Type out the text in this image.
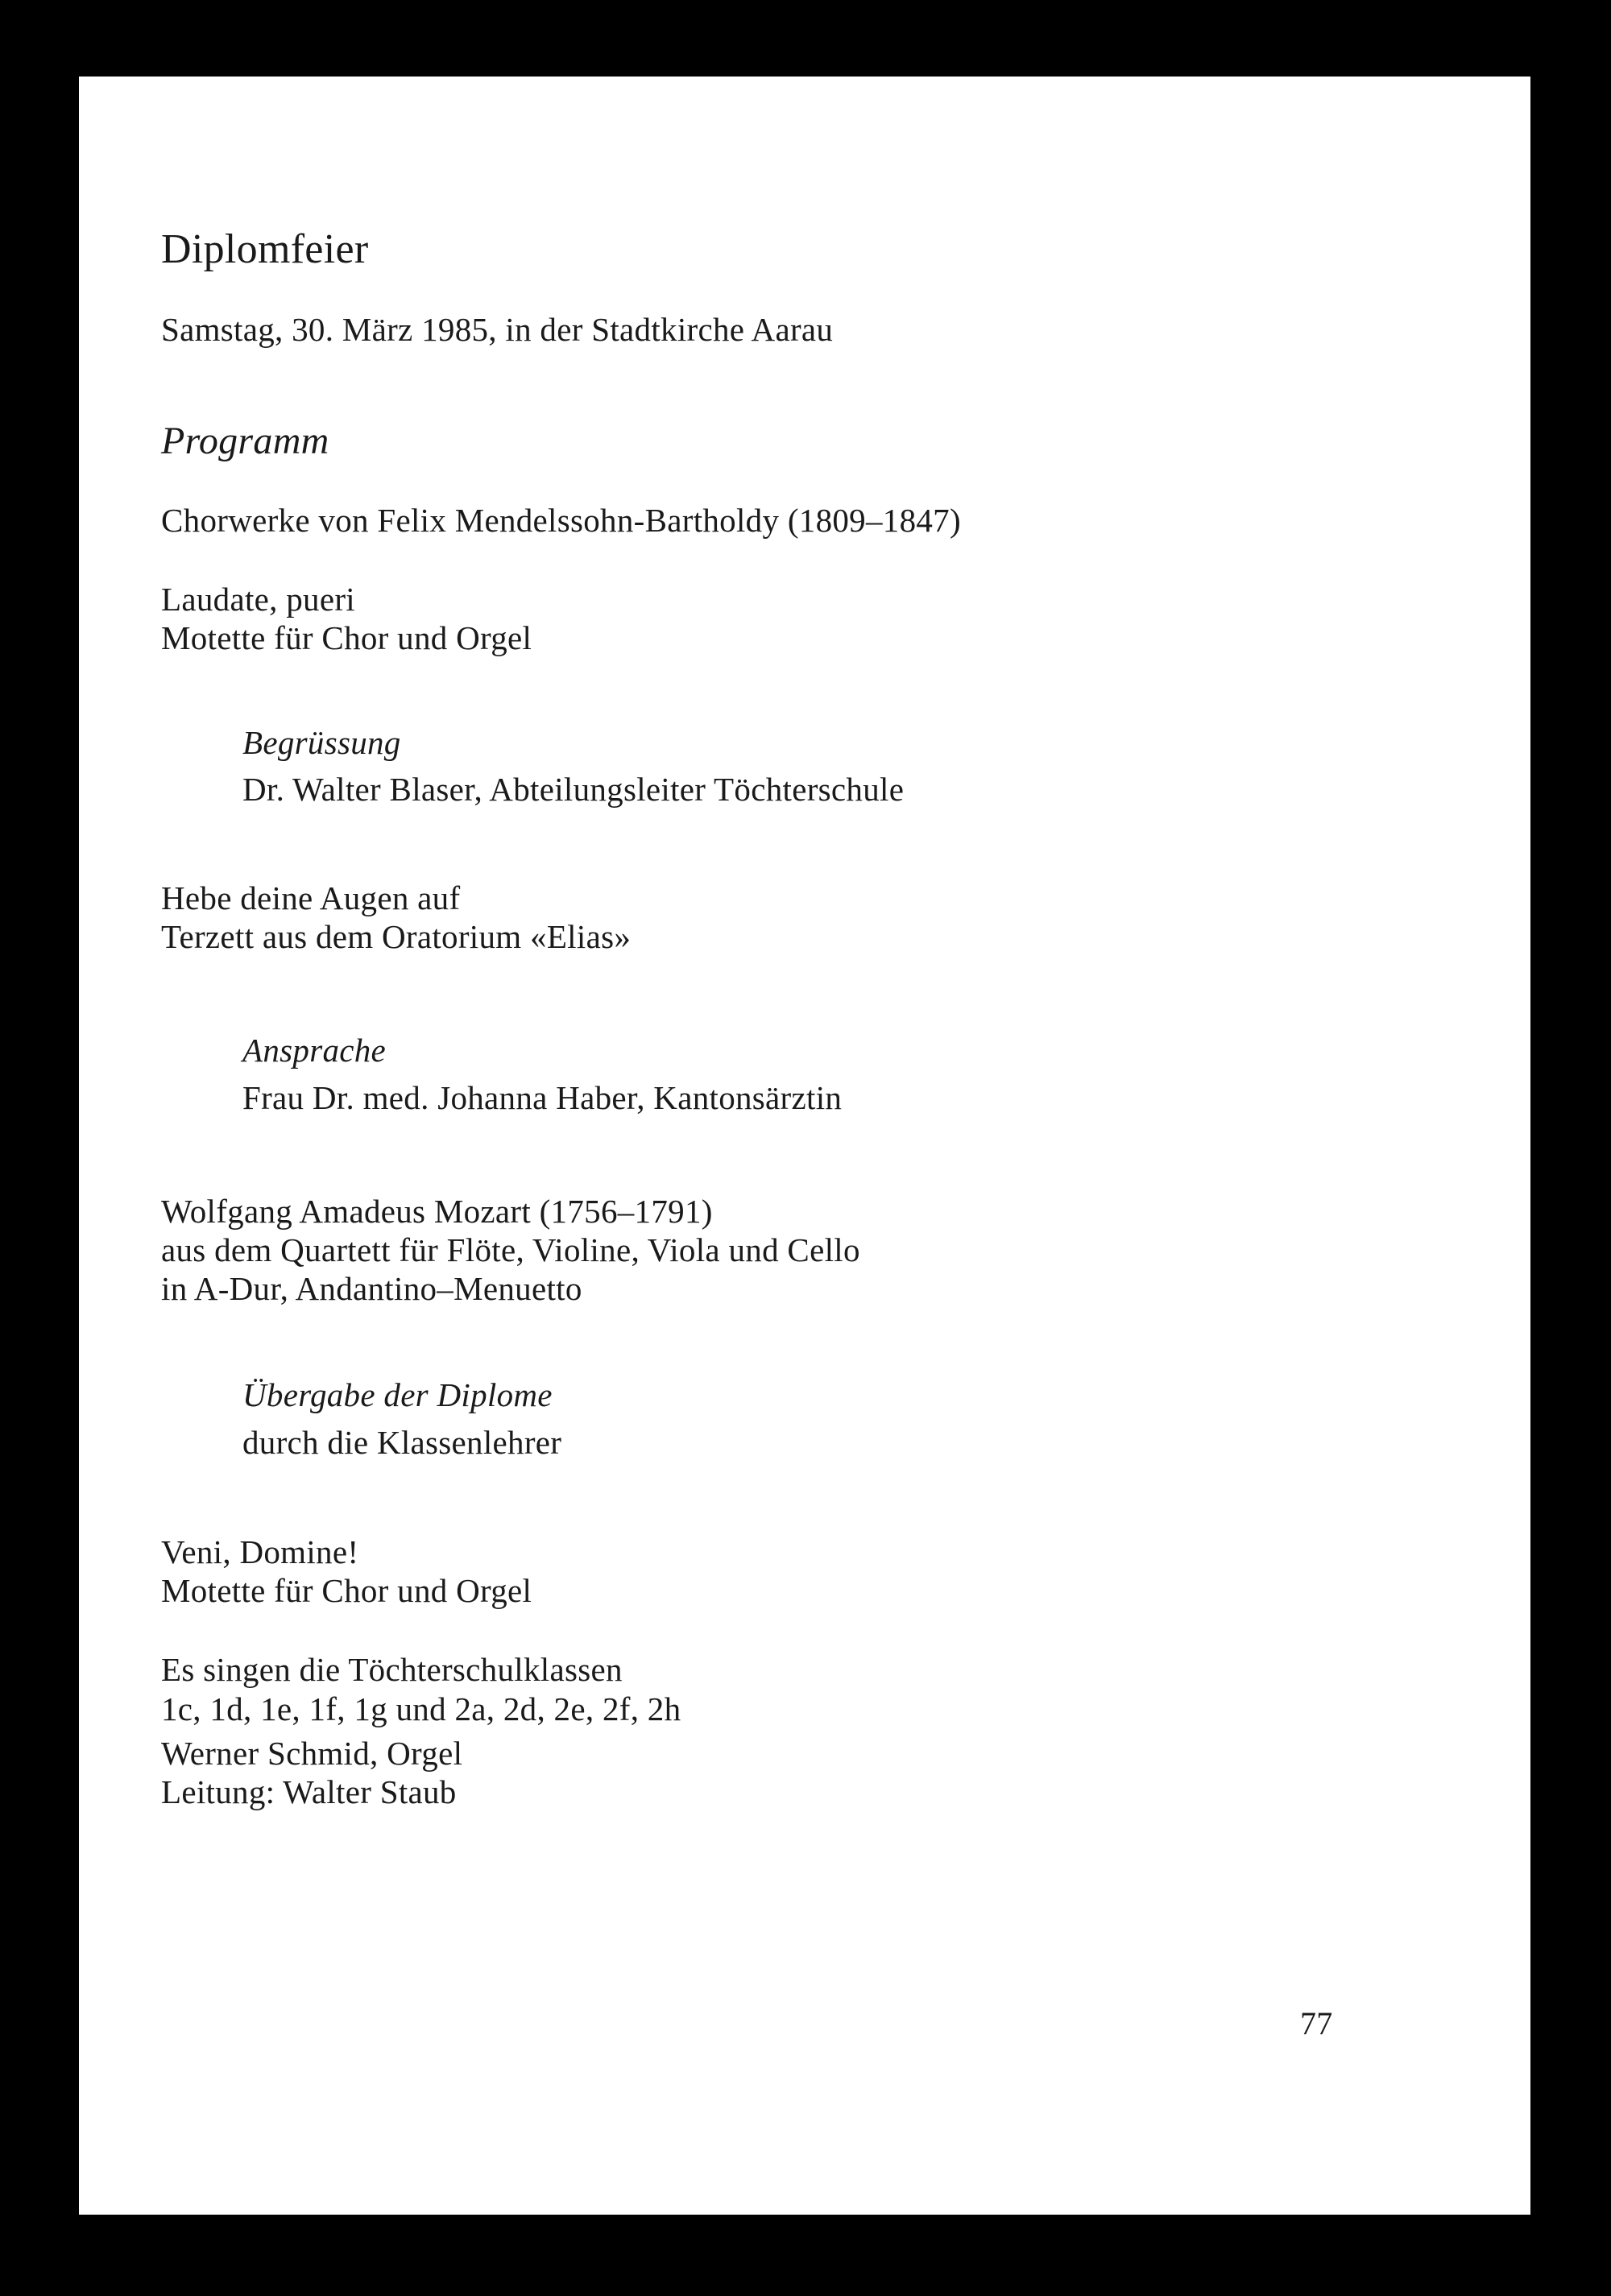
Diplomfeier

Samstag, 30. März 1985, in der Stadtkirche Aarau

Programm

Chorwerke von Felix Mendelssohn-Bartholdy (1809–1847)

Laudate, pueri

Motette für Chor und Orgel

Begrüssung

Dr. Walter Blaser, Abteilungsleiter Töchterschule

Hebe deine Augen auf

Terzett aus dem Oratorium «Elias»

Ansprache

Frau Dr. med. Johanna Haber, Kantonsärztin

Wolfgang Amadeus Mozart (1756–1791)

aus dem Quartett für Flöte, Violine, Viola und Cello

in A-Dur, Andantino–Menuetto

Übergabe der Diplome

durch die Klassenlehrer

Veni, Domine!

Motette für Chor und Orgel

Es singen die Töchterschulklassen

1c, 1d, 1e, 1f, 1g und 2a, 2d, 2e, 2f, 2h

Werner Schmid, Orgel

Leitung: Walter Staub

77
